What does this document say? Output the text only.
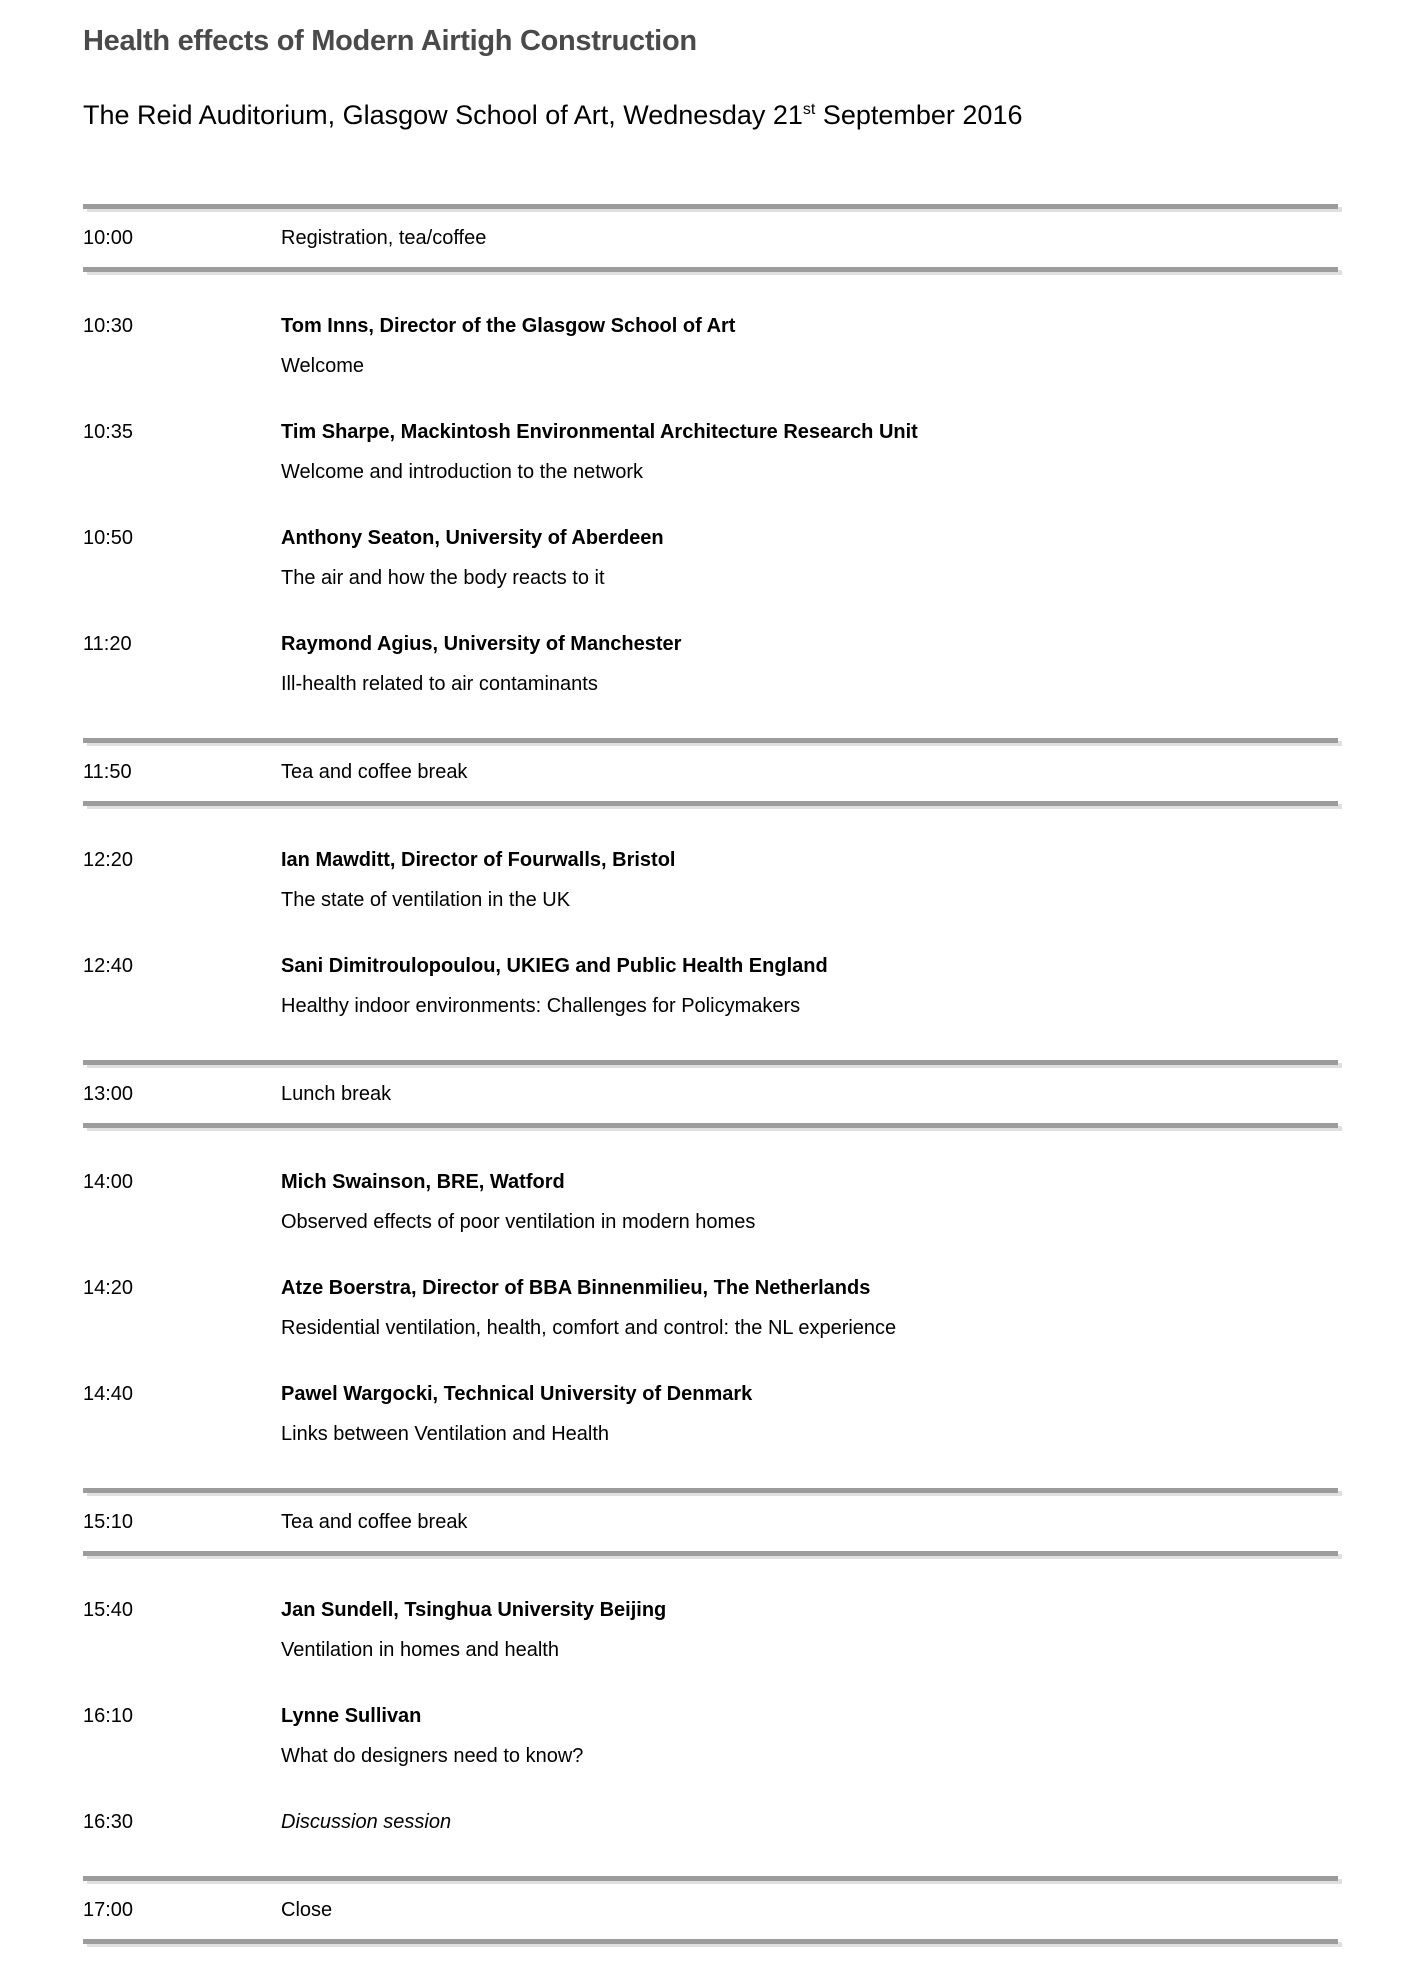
Health effects of Modern Airtigh Construction

The Reid Auditorium, Glasgow School of Art, Wednesday 21st September 2016

10:00	Registration, tea/coffee
10:30	Tom Inns, Director of the Glasgow School of Art
Welcome
10:35	Tim Sharpe, Mackintosh Environmental Architecture Research Unit
Welcome and introduction to the network
10:50	Anthony Seaton, University of Aberdeen
The air and how the body reacts to it
11:20	Raymond Agius, University of Manchester
Ill-health related to air contaminants
11:50	Tea and coffee break
12:20	Ian Mawditt, Director of Fourwalls, Bristol
The state of ventilation in the UK
12:40	Sani Dimitroulopoulou, UKIEG and Public Health England
Healthy indoor environments: Challenges for Policymakers
13:00	Lunch break
14:00	Mich Swainson, BRE, Watford
Observed effects of poor ventilation in modern homes
14:20	Atze Boerstra, Director of BBA Binnenmilieu, The Netherlands
Residential ventilation, health, comfort and control: the NL experience
14:40	Pawel Wargocki, Technical University of Denmark
Links between Ventilation and Health
15:10	Tea and coffee break
15:40	Jan Sundell, Tsinghua University Beijing
Ventilation in homes and health
16:10	Lynne Sullivan
What do designers need to know?
16:30	Discussion session
17:00	Close
